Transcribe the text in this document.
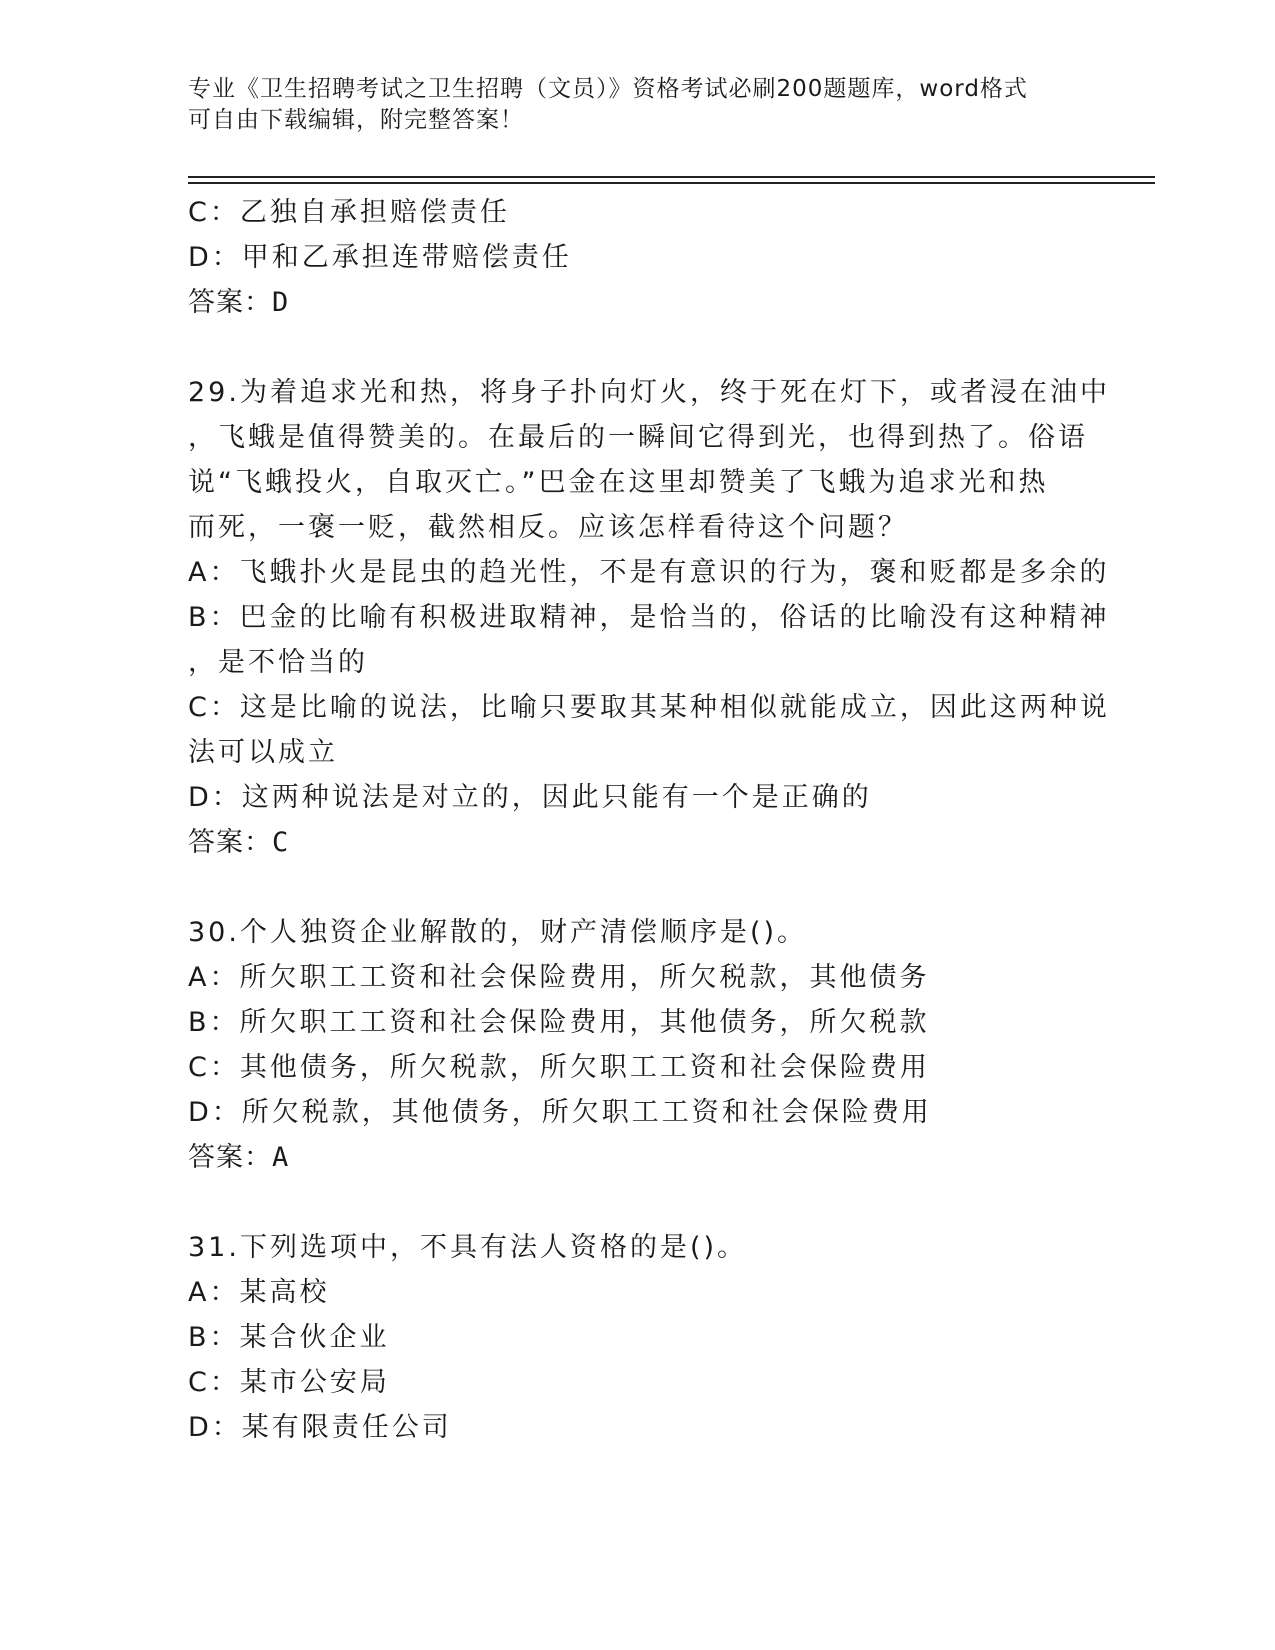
专业《卫生招聘考试之卫生招聘（文员）》资格考试必刷200题题库，word格式
可自由下载编辑，附完整答案！
C：乙独自承担赔偿责任
D：甲和乙承担连带赔偿责任
答案：D
29.为着追求光和热，将身子扑向灯火，终于死在灯下，或者浸在油中
，飞蛾是值得赞美的。在最后的一瞬间它得到光，也得到热了。俗语
说“飞蛾投火，自取灭亡。”巴金在这里却赞美了飞蛾为追求光和热
而死，一褒一贬，截然相反。应该怎样看待这个问题？
A：飞蛾扑火是昆虫的趋光性，不是有意识的行为，褒和贬都是多余的
B：巴金的比喻有积极进取精神，是恰当的，俗话的比喻没有这种精神
，是不恰当的
C：这是比喻的说法，比喻只要取其某种相似就能成立，因此这两种说
法可以成立
D：这两种说法是对立的，因此只能有一个是正确的
答案：C
30.个人独资企业解散的，财产清偿顺序是()。
A：所欠职工工资和社会保险费用，所欠税款，其他债务
B：所欠职工工资和社会保险费用，其他债务，所欠税款
C：其他债务，所欠税款，所欠职工工资和社会保险费用
D：所欠税款，其他债务，所欠职工工资和社会保险费用
答案：A
31.下列选项中，不具有法人资格的是()。
A：某高校
B：某合伙企业
C：某市公安局
D：某有限责任公司
